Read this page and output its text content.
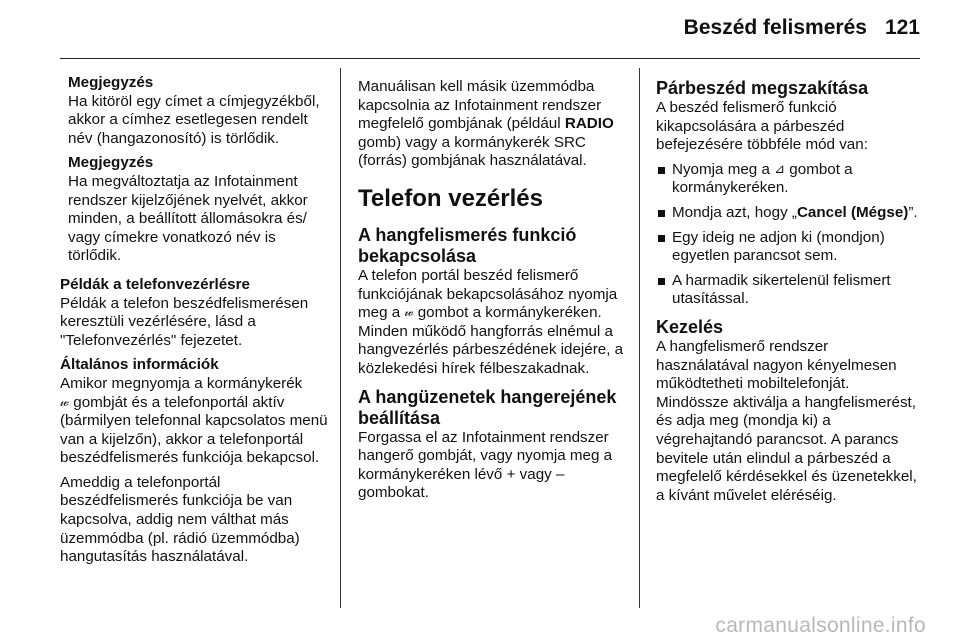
Beszéd felismerés 121
Megjegyzés
Ha kitöröl egy címet a címjegyzékből, akkor a címhez esetlegesen rendelt név (hangazonosító) is törlődik.
Megjegyzés
Ha megváltoztatja az Infotainment rendszer kijelzőjének nyelvét, akkor minden, a beállított állomásokra és/ vagy címekre vonatkozó név is törlődik.
Példák a telefonvezérlésre

Példák a telefon beszédfelismerésen keresztüli vezérlésére, lásd a "Telefonvezérlés" fejezetet.

Általános információk

Amikor megnyomja a kormánykerék
𝓌 gombját és a telefonportál aktív (bármilyen telefonnal kapcsolatos menü van a kijelzőn), akkor a telefonportál beszédfelismerés funkciója bekapcsol.

Ameddig a telefonportál beszédfelismerés funkciója be van kapcsolva, addig nem válthat más üzemmódba (pl. rádió üzemmódba) hangutasítás használatával.

Manuálisan kell másik üzemmódba kapcsolnia az Infotainment rendszer megfelelő gombjának (például RADIO gomb) vagy a kormánykerék SRC (forrás) gombjának használatával.

Telefon vezérlés
A hangfelismerés funkció bekapcsolása

A telefon portál beszéd felismerő funkciójának bekapcsolásához nyomja meg a 𝓌 gombot a kormánykeréken. Minden működő hangforrás elnémul a hangvezérlés párbeszédének idejére, a közlekedési hírek félbeszakadnak.

A hangüzenetek hangerejének beállítása

Forgassa el az Infotainment rendszer hangerő gombját, vagy nyomja meg a kormánykeréken lévő + vagy – gombokat.

Párbeszéd megszakítása

A beszéd felismerő funkció kikapcsolására a párbeszéd befejezésére többféle mód van:

Nyomja meg a ⊿ gombot a kormánykeréken.
Mondja azt, hogy „Cancel (Mégse)”.
Egy ideig ne adjon ki (mondjon) egyetlen parancsot sem.
A harmadik sikertelenül felismert utasítással.
Kezelés

A hangfelismerő rendszer használatával nagyon kényelmesen működtetheti mobiltelefonját. Mindössze aktiválja a hangfelismerést, és adja meg (mondja ki) a végrehajtandó parancsot. A parancs bevitele után elindul a párbeszéd a megfelelő kérdésekkel és üzenetekkel, a kívánt művelet eléréséig.

carmanualsonline.info
